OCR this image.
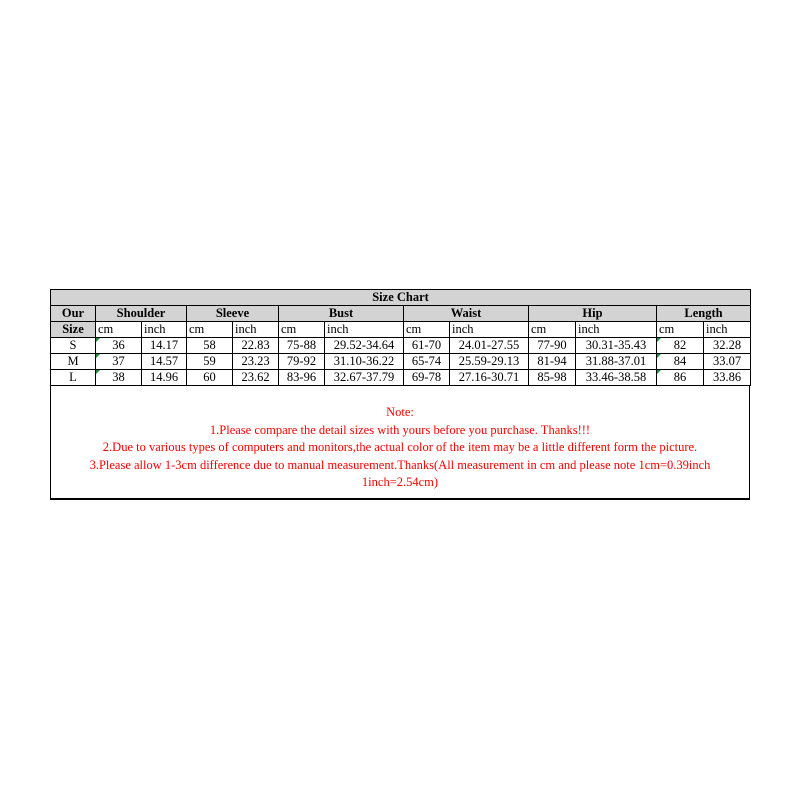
Size Chart												
Our	Shoulder		Sleeve		Bust		Waist		Hip		Length	
Size	cm	inch	cm	inch	cm	inch	cm	inch	cm	inch	cm	inch
S	36	14.17	58	22.83	75-88	29.52-34.64	61-70	24.01-27.55	77-90	30.31-35.43	82	32.28
M	37	14.57	59	23.23	79-92	31.10-36.22	65-74	25.59-29.13	81-94	31.88-37.01	84	33.07
L	38	14.96	60	23.62	83-96	32.67-37.79	69-78	27.16-30.71	85-98	33.46-38.58	86	33.86
Note:
1.Please compare the detail sizes with yours before you purchase. Thanks!!!
2.Due to various types of computers and monitors,the actual color of the item may be a little different form the picture.
3.Please allow 1-3cm difference due to manual measurement.Thanks(All measurement in cm and please note 1cm=0.39inch
1inch=2.54cm)
